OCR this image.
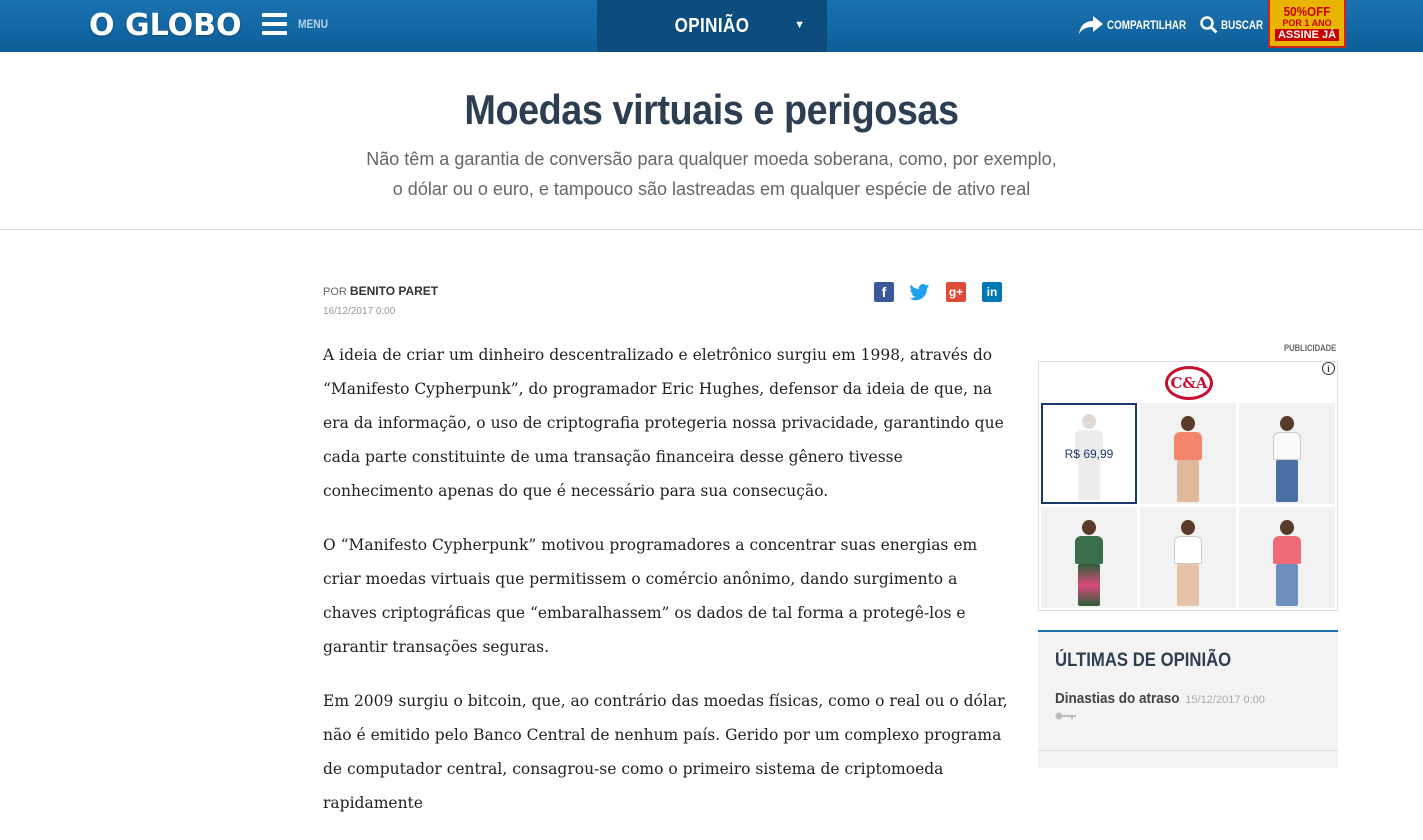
O GLOBO	MENU	OPINIÃO	▼	COMPARTILHAR	BUSCAR
50%OFF
POR 1 ANO
ASSINE JÁ
Moedas virtuais e perigosas

Não têm a garantia de conversão para qualquer moeda soberana, como, por exemplo, o dólar ou o euro, e tampouco são lastreadas em qualquer espécie de ativo real

POR BENITO PARET
16/12/2017 0:00
f	g+	in

A ideia de criar um dinheiro descentralizado e eletrônico surgiu em 1998, através do “Manifesto Cypherpunk”, do programador Eric Hughes, defensor da ideia de que, na era da informação, o uso de criptografia protegeria nossa privacidade, garantindo que cada parte constituinte de uma transação financeira desse gênero tivesse conhecimento apenas do que é necessário para sua consecução.

O “Manifesto Cypherpunk” motivou programadores a concentrar suas energias em criar moedas virtuais que permitissem o comércio anônimo, dando surgimento a chaves criptográficas que “embaralhassem” os dados de tal forma a protegê-los e garantir transações seguras.

Em 2009 surgiu o bitcoin, que, ao contrário das moedas físicas, como o real ou o dólar, não é emitido pelo Banco Central de nenhum país. Gerido por um complexo programa de computador central, consagrou-se como o primeiro sistema de criptomoeda rapidamente

PUBLICIDADE
C&A
i
R$ 69,99
ÚLTIMAS DE OPINIÃO
Dinastias do atraso 15/12/2017 0:00
